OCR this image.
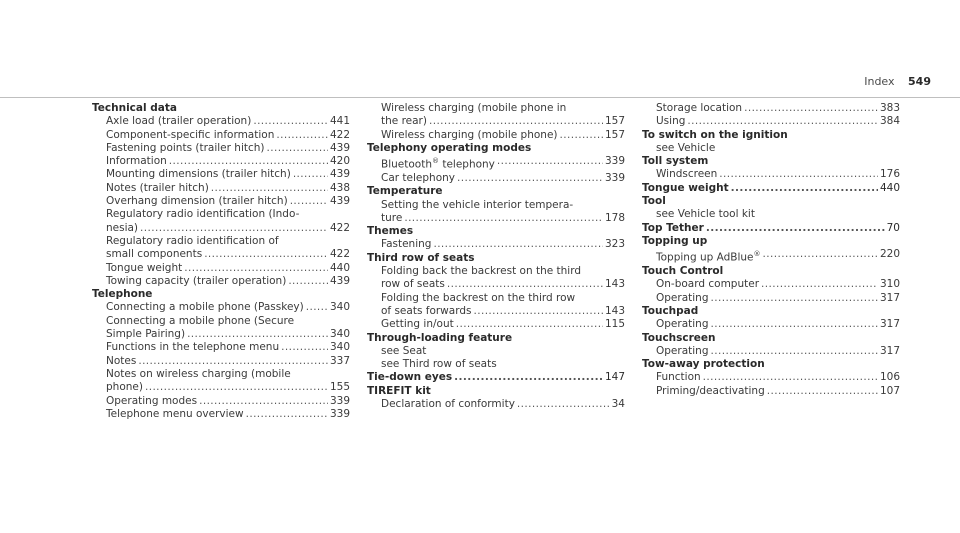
Index 549
Technical data
Axle load (trailer operation) .....	441
Component-specific information .....	422
Fastening points (trailer hitch) .....	439
Information .....	420
Mounting dimensions (trailer hitch) .....	439
Notes (trailer hitch) .....	438
Overhang dimension (trailer hitch) .....	439
Regulatory radio identification (Indo-
nesia) .....	422
Regulatory radio identification of
small components .....	422
Tongue weight .....	440
Towing capacity (trailer operation) .....	439
Telephone
Connecting a mobile phone (Passkey) ..... 340
Connecting a mobile phone (Secure
Simple Pairing) .....	340
Functions in the telephone menu .....	340
Notes .....	337
Notes on wireless charging (mobile
phone) .....	155
Operating modes .....	339
Telephone menu overview .....	339
Wireless charging (mobile phone in
the rear) .....	157
Wireless charging (mobile phone) .....	157
Telephony operating modes
Bluetooth® telephony .....	339
Car telephony .....	339
Temperature
Setting the vehicle interior tempera-
ture .....	178
Themes
Fastening .....	323
Third row of seats
Folding back the backrest on the third
row of seats .....	143
Folding the backrest on the third row
of seats forwards .....	143
Getting in/out .....	115
Through-loading feature
see Seat
see Third row of seats
Tie-down eyes .....	147
TIREFIT kit
Declaration of conformity .....	34
Storage location .....	383
Using .....	384
To switch on the ignition
see Vehicle
Toll system
Windscreen .....	176
Tongue weight .....	440
Tool
see Vehicle tool kit
Top Tether .....	70
Topping up
Topping up AdBlue® .....	220
Touch Control
On-board computer .....	310
Operating .....	317
Touchpad
Operating .....	317
Touchscreen
Operating .....	317
Tow-away protection
Function .....	106
Priming/deactivating .....	107
